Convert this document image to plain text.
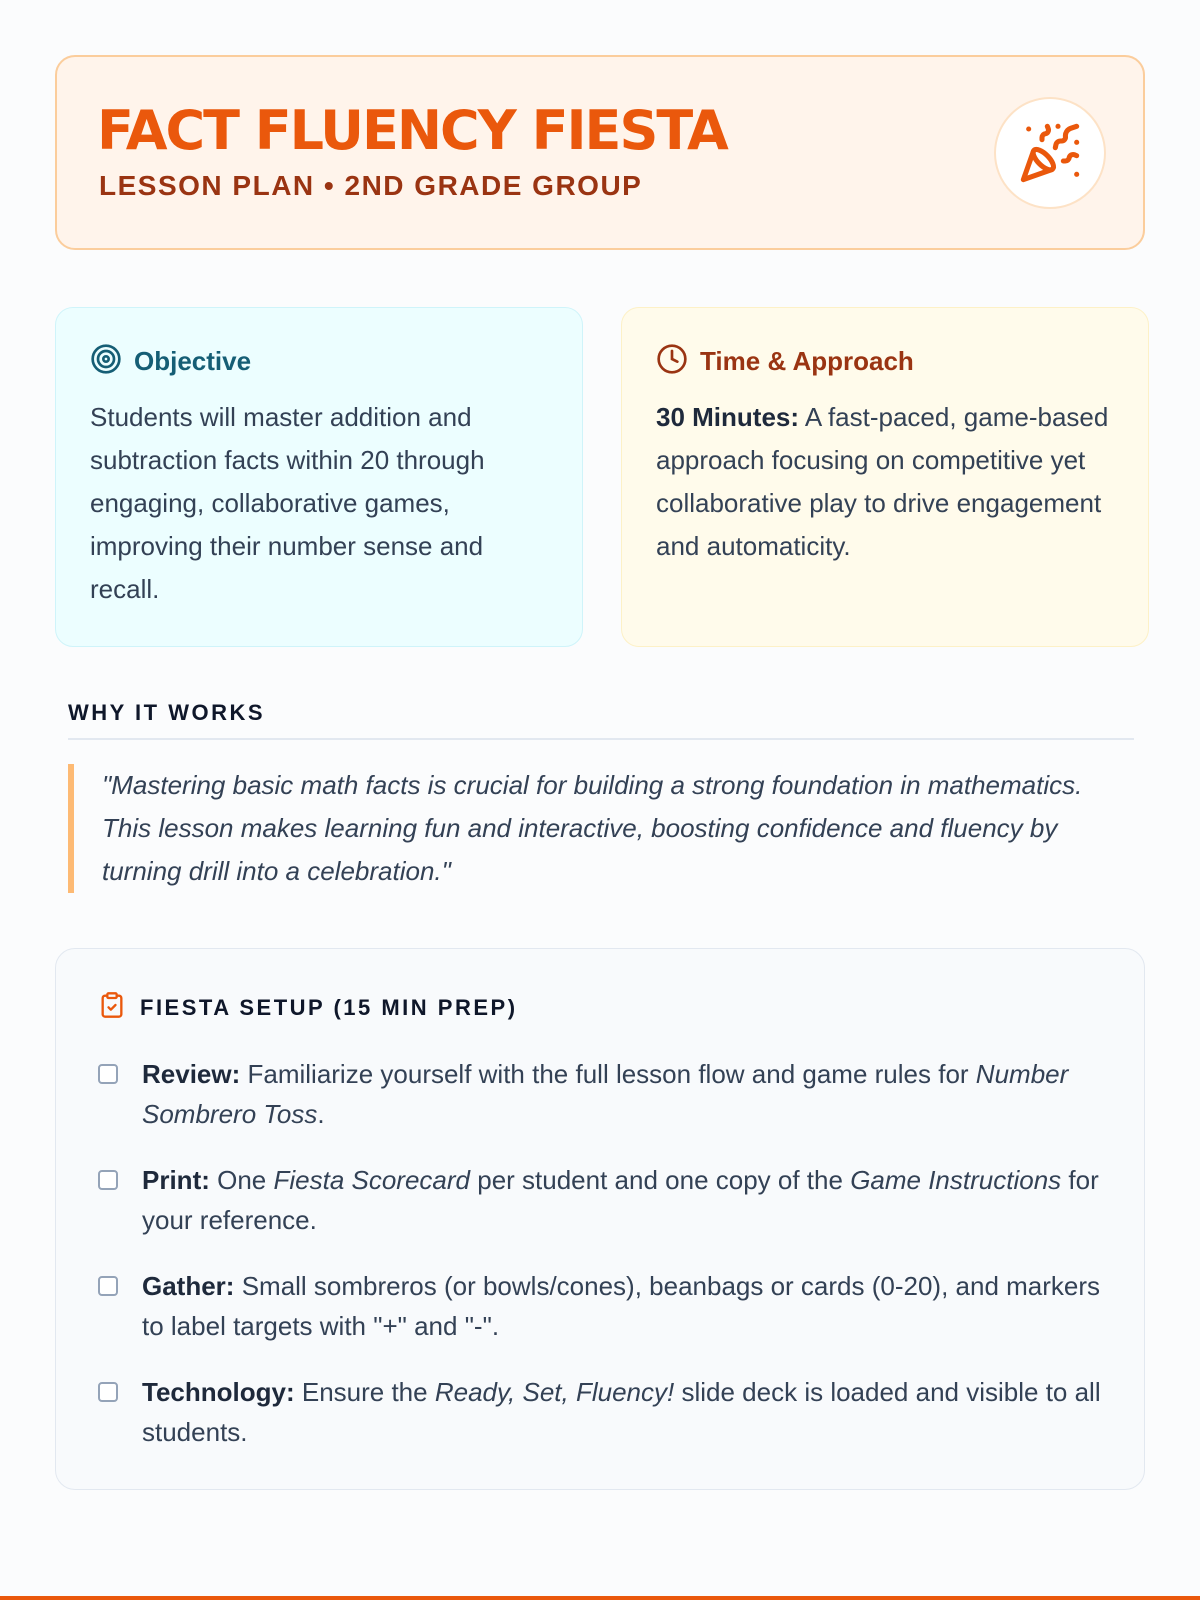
FACT FLUENCY FIESTA
LESSON PLAN • 2ND GRADE GROUP
Objective
Students will master addition and subtraction facts within 20 through engaging, collaborative games, improving their number sense and recall.
Time & Approach
30 Minutes: A fast-paced, game-based approach focusing on competitive yet collaborative play to drive engagement and automaticity.
WHY IT WORKS
"Mastering basic math facts is crucial for building a strong foundation in mathematics. This lesson makes learning fun and interactive, boosting confidence and fluency by turning drill into a celebration."
FIESTA SETUP (15 MIN PREP)
Review: Familiarize yourself with the full lesson flow and game rules for Number Sombrero Toss.
Print: One Fiesta Scorecard per student and one copy of the Game Instructions for your reference.
Gather: Small sombreros (or bowls/cones), beanbags or cards (0-20), and markers to label targets with "+" and "-".
Technology: Ensure the Ready, Set, Fluency! slide deck is loaded and visible to all students.
